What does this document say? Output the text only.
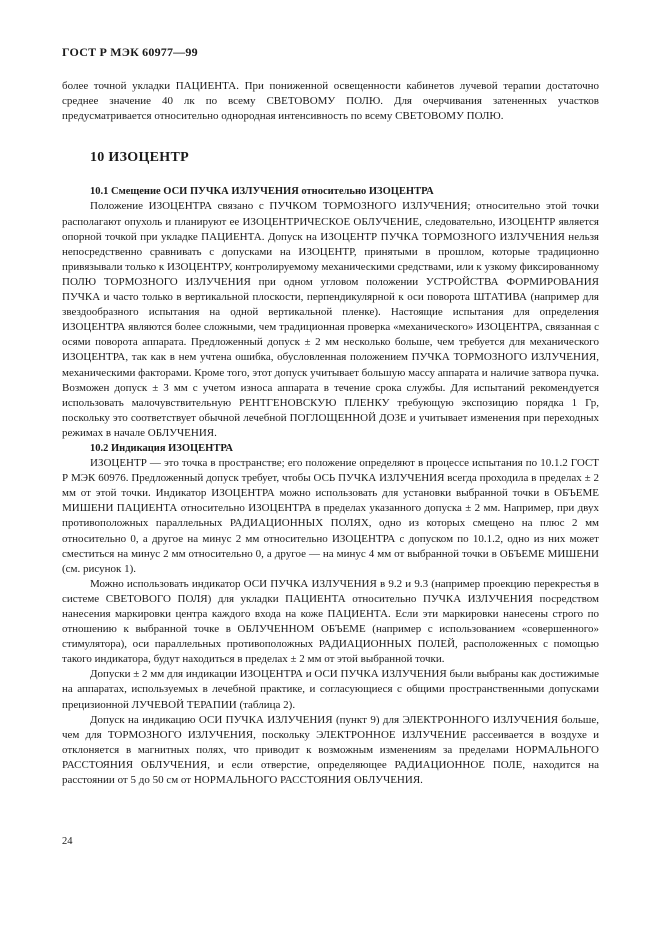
ГОСТ Р МЭК 60977—99

более точной укладки ПАЦИЕНТА. При пониженной освещенности кабинетов лучевой терапии достаточно среднее значение 40 лк по всему СВЕТОВОМУ ПОЛЮ. Для очерчивания затененных участков предусматривается относительно однородная интенсивность по всему СВЕТОВОМУ ПОЛЮ.

10 ИЗОЦЕНТР
10.1 Смещение ОСИ ПУЧКА ИЗЛУЧЕНИЯ относительно ИЗОЦЕНТРА

Положение ИЗОЦЕНТРА связано с ПУЧКОМ ТОРМОЗНОГО ИЗЛУЧЕНИЯ; относительно этой точки располагают опухоль и планируют ее ИЗОЦЕНТРИЧЕСКОЕ ОБЛУЧЕНИЕ, следовательно, ИЗОЦЕНТР является опорной точкой при укладке ПАЦИЕНТА. Допуск на ИЗОЦЕНТР ПУЧКА ТОРМОЗНОГО ИЗЛУЧЕНИЯ нельзя непосредственно сравнивать с допусками на ИЗОЦЕНТР, принятыми в прошлом, которые традиционно привязывали только к ИЗОЦЕНТРУ, контролируемому механическими средствами, или к узкому фиксированному ПОЛЮ ТОРМОЗНОГО ИЗЛУЧЕНИЯ при одном угловом положении УСТРОЙСТВА ФОРМИРОВАНИЯ ПУЧКА и часто только в вертикальной плоскости, перпендикулярной к оси поворота ШТАТИВА (например для звездообразного испытания на одной вертикальной пленке). Настоящие испытания для определения ИЗОЦЕНТРА являются более сложными, чем традиционная проверка «механического» ИЗОЦЕНТРА, связанная с осями поворота аппарата. Предложенный допуск ± 2 мм несколько больше, чем требуется для механического ИЗОЦЕНТРА, так как в нем учтена ошибка, обусловленная положением ПУЧКА ТОРМОЗНОГО ИЗЛУЧЕНИЯ, механическими факторами. Кроме того, этот допуск учитывает большую массу аппарата и наличие затвора пучка. Возможен допуск ± 3 мм с учетом износа аппарата в течение срока службы. Для испытаний рекомендуется использовать малочувствительную РЕНТГЕНОВСКУЮ ПЛЕНКУ требующую экспозицию порядка 1 Гр, поскольку это соответствует обычной лечебной ПОГЛОЩЕННОЙ ДОЗЕ и учитывает изменения при переходных режимах в начале ОБЛУЧЕНИЯ.

10.2 Индикация ИЗОЦЕНТРА

ИЗОЦЕНТР — это точка в пространстве; его положение определяют в процессе испытания по 10.1.2 ГОСТ Р МЭК 60976. Предложенный допуск требует, чтобы ОСЬ ПУЧКА ИЗЛУЧЕНИЯ всегда проходила в пределах ± 2 мм от этой точки. Индикатор ИЗОЦЕНТРА можно использовать для установки выбранной точки в ОБЪЕМЕ МИШЕНИ ПАЦИЕНТА относительно ИЗОЦЕНТРА в пределах указанного допуска ± 2 мм. Например, при двух противоположных параллельных РАДИАЦИОННЫХ ПОЛЯХ, одно из которых смещено на плюс 2 мм относительно 0, а другое на минус 2 мм относительно ИЗОЦЕНТРА с допуском по 10.1.2, одно из них может сместиться на минус 2 мм относительно 0, а другое — на минус 4 мм от выбранной точки в ОБЪЕМЕ МИШЕНИ (см. рисунок 1).

Можно использовать индикатор ОСИ ПУЧКА ИЗЛУЧЕНИЯ в 9.2 и 9.3 (например проекцию перекрестья в системе СВЕТОВОГО ПОЛЯ) для укладки ПАЦИЕНТА относительно ПУЧКА ИЗЛУЧЕНИЯ посредством нанесения маркировки центра каждого входа на коже ПАЦИЕНТА. Если эти маркировки нанесены строго по отношению к выбранной точке в ОБЛУЧЕННОМ ОБЪЕМЕ (например с использованием «совершенного» стимулятора), оси параллельных противоположных РАДИАЦИОННЫХ ПОЛЕЙ, расположенных с помощью такого индикатора, будут находиться в пределах ± 2 мм от этой выбранной точки.

Допуски ± 2 мм для индикации ИЗОЦЕНТРА и ОСИ ПУЧКА ИЗЛУЧЕНИЯ были выбраны как достижимые на аппаратах, используемых в лечебной практике, и согласующиеся с общими пространственными допусками прецизионной ЛУЧЕВОЙ ТЕРАПИИ (таблица 2).

Допуск на индикацию ОСИ ПУЧКА ИЗЛУЧЕНИЯ (пункт 9) для ЭЛЕКТРОННОГО ИЗЛУЧЕНИЯ больше, чем для ТОРМОЗНОГО ИЗЛУЧЕНИЯ, поскольку ЭЛЕКТРОННОЕ ИЗЛУЧЕНИЕ рассеивается в воздухе и отклоняется в магнитных полях, что приводит к возможным изменениям за пределами НОРМАЛЬНОГО РАССТОЯНИЯ ОБЛУЧЕНИЯ, и если отверстие, определяющее РАДИАЦИОННОЕ ПОЛЕ, находится на расстоянии от 5 до 50 см от НОРМАЛЬНОГО РАССТОЯНИЯ ОБЛУЧЕНИЯ.

24
